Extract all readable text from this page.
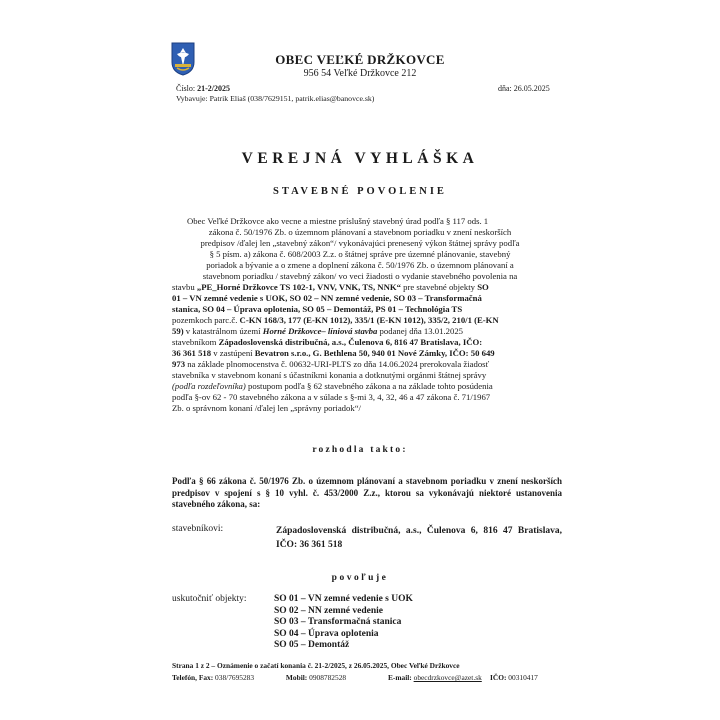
OBEC VEĽKÉ DRŽKOVCE
956 54 Veľké Držkovce 212
Číslo: 21-2/2025
Vybavuje: Patrik Eliaš (038/7629151, patrik.elias@banovce.sk)
dňa: 26.05.2025
VEREJNÁ VYHLÁŠKA
STAVEBNÉ POVOLENIE
Obec Veľké Držkovce ako vecne a miestne príslušný stavebný úrad podľa § 117 ods. 1
zákona č. 50/1976 Zb. o územnom plánovaní a stavebnom poriadku v znení neskorších
predpisov /ďalej len „stavebný zákon“/ vykonávajúci prenesený výkon štátnej správy podľa
§ 5 písm. a) zákona č. 608/2003 Z.z. o štátnej správe pre územné plánovanie, stavebný
poriadok a bývanie a o zmene a doplnení zákona č. 50/1976 Zb. o územnom plánovaní a
stavebnom poriadku / stavebný zákon/ vo veci žiadosti o vydanie stavebného povolenia na
stavbu „PE_Horné Držkovce TS 102-1, VNV, VNK, TS, NNK“ pre stavebné objekty SO
01 – VN zemné vedenie s UOK, SO 02 – NN zemné vedenie, SO 03 – Transformačná
stanica, SO 04 – Úprava oplotenia, SO 05 – Demontáž, PS 01 – Technológia TS
pozemkoch parc.č. C-KN 168/3, 177 (E-KN 1012), 335/1 (E-KN 1012), 335/2, 210/1 (E-KN
59) v katastrálnom území Horné Držkovce– líniová stavba podanej dňa 13.01.2025
stavebníkom Západoslovenská distribučná, a.s., Čulenova 6, 816 47 Bratislava, IČO:
36 361 518 v zastúpení Bevatron s.r.o., G. Bethlena 50, 940 01 Nové Zámky, IČO: 50 649
973 na základe plnomocenstva č. 00632-URI-PLTS zo dňa 14.06.2024 prerokovala žiadosť
stavebníka v stavebnom konaní s účastníkmi konania a dotknutými orgánmi štátnej správy
(podľa rozdeľovníka) postupom podľa § 62 stavebného zákona a na základe tohto posúdenia
podľa §-ov 62 - 70 stavebného zákona a v súlade s §-mi 3, 4, 32, 46 a 47 zákona č. 71/1967
Zb. o správnom konaní /ďalej len „správny poriadok“/
rozhodla takto:
Podľa § 66 zákona č. 50/1976 Zb. o územnom plánovaní a stavebnom poriadku v znení neskorších predpisov v spojení s § 10 vyhl. č. 453/2000 Z.z., ktorou sa vykonávajú niektoré ustanovenia stavebného zákona, sa:
stavebníkovi:	Západoslovenská distribučná, a.s., Čulenova 6, 816 47 Bratislava, IČO: 36 361 518
povoľuje
uskutočniť objekty:	SO 01 – VN zemné vedenie s UOK
SO 02 – NN zemné vedenie
SO 03 – Transformačná stanica
SO 04 – Úprava oplotenia
SO 05 – Demontáž
Strana 1 z 2 – Oznámenie o začatí konania č. 21-2/2025, z 26.05.2025, Obec Veľké Držkovce
Telefón, Fax: 038/7695283	Mobil: 0908782528	E-mail: obecdrzkovce@azet.sk	IČO: 00310417
